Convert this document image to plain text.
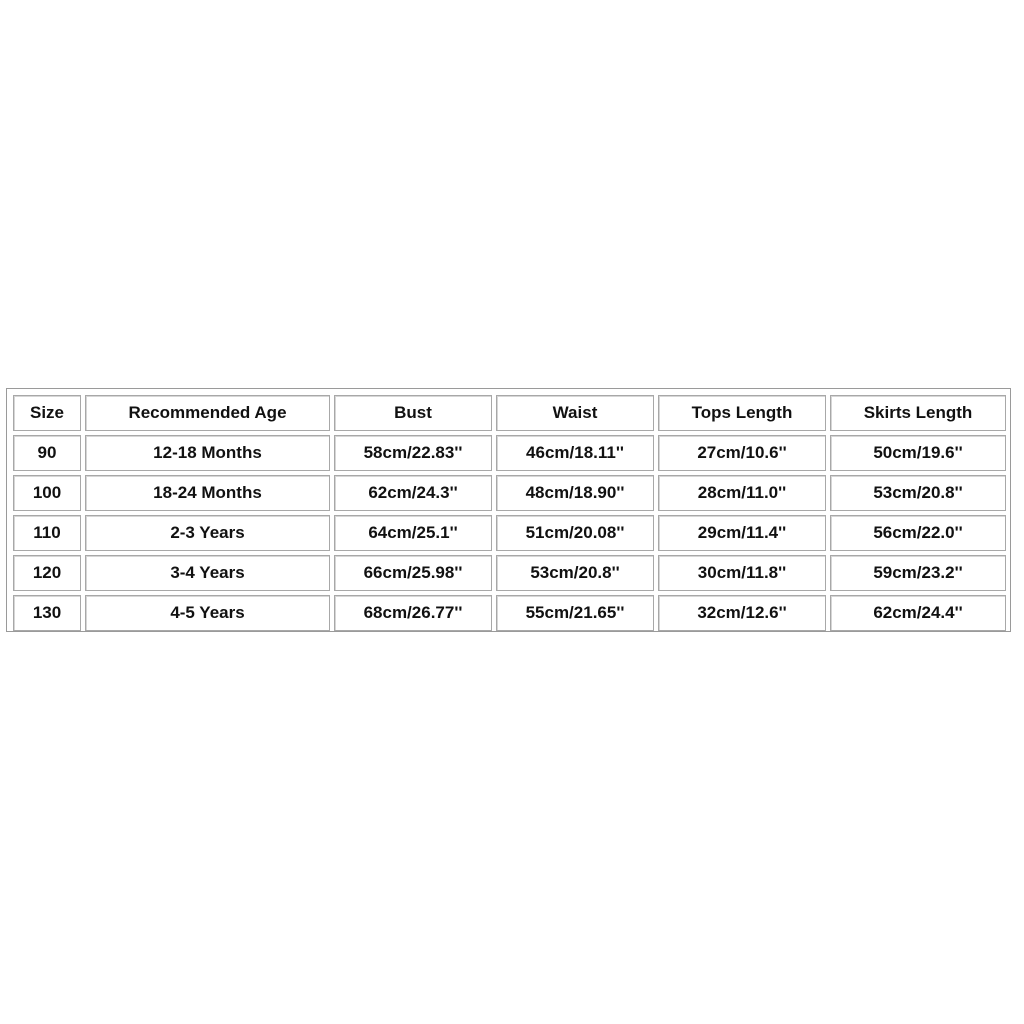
Size	Recommended Age	Bust	Waist	Tops Length	Skirts Length
90	12-18 Months	58cm/22.83''	46cm/18.11''	27cm/10.6''	50cm/19.6''
100	18-24 Months	62cm/24.3''	48cm/18.90''	28cm/11.0''	53cm/20.8''
110	2-3 Years	64cm/25.1''	51cm/20.08''	29cm/11.4''	56cm/22.0''
120	3-4 Years	66cm/25.98''	53cm/20.8''	30cm/11.8''	59cm/23.2''
130	4-5 Years	68cm/26.77''	55cm/21.65''	32cm/12.6''	62cm/24.4''
